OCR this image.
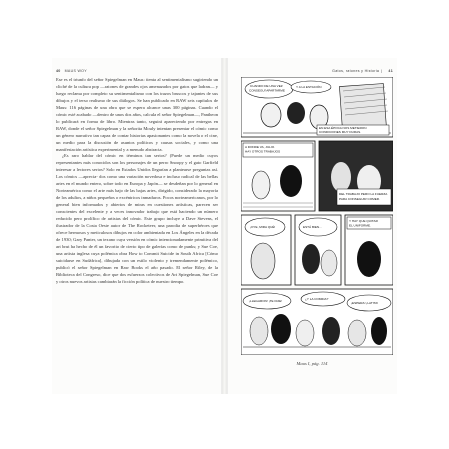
40 MAUS WOY

Ese es el triunfo del señor Spiegelman en Maus: tienta al sentimentalismo sugiriendo un cliché de la cultura pop —ratones de grandes ojos amenazados por gatos que ladran— y luego reclama por completo su sentimentalismo con los trazos bruscos y tajantes de sus dibujos y el terso realismo de sus diálogos. Se han publicado en RAW seis capítulos de Maus: 116 páginas de una obra que se espera alcance unas 300 páginas. Cuando el cómic esté acabado —dentro de unos dos años, calcula el señor Spiegelman—, Pantheon lo publicará en forma de libro. Mientras tanto, seguirá apareciendo por entregas en RAW, donde el señor Spiegelman y la señorita Mouly intentan presentar el cómic como un género narrativo tan capaz de contar historias apasionantes como la novela o el cine, un medio para la discusión de asuntos políticos y causas sociales, y como una manifestación artística experimental y a menudo abstracta.

¿Es raro hablar del cómic en términos tan serios? (Puede un medio cuyos representantes más conocidos son los personajes de un perro Snoopy y el gato Garfield interesar a lectores serios? Solo en Estados Unidos llegarían a plantearse preguntas así. Los cómics —aprecia- dos como una variación novedosa e incluso radical de las bellas artes en el mundo entero, sobre todo en Europa y Japón— se desdeñan por lo general en Norteamérica como el arte más bajo de las bajas artes, dirigido, considerado la mayoría de los adultos, a niños pequeños o excéntricos inmaduros. Pocos norteamericanos, por lo general bien informados y abiertos de miras en cuestiones artísticas, parecen ser conscientes del excelente y a veces innovador trabajo que está haciendo un número reducido pero prolífico de artistas del cómic. Este grupo incluye a Dave Stevens, el ilustrador de la Costa Oeste autor de The Rocketeer, una parodia de superhéroes que ofrece hermosos y meticulosos dibujos en color ambientada en Los Ángeles en la década de 1930; Gary Panter, un texano cuya versión en cómic intencionadamente primitiva del art brut ha hecho de él un favorito de cierto tipo de galerías como de punks; y Sue Coe, una artista inglesa cuya polémica obra How to Commit Suicide in South Africa [Cómo suicidarse en Sudáfrica], dibujada con un estilo violento y tremendamente polémico, publicó el señor Spiegelman en Raw Books el año pasado. El señor Riley, de la Biblioteca del Congreso, dice que dos esfuerzos colectivos de Art Spiegelman, Sue Coe y otros nuevos artistas cambiarán la ficción política de nuestro tiempo.

Gatos, ratones y Historia | 41
CUANDO DE UNA VEZ
CONSEGUÍ APARTARME
Y A LA ESTACIÓN
EN ESA ÉPOCA NOS METIERON
CONDICIONES MUY DURAS.
A DONDE VA, JULIO.
HAY OTROS TRABAJOS
DEL TRABAJO PERO LA FUERZA
PARA CONSEGUIR COMER.
¡OYE, MIRA QUÉ!	ESTÁ BIEN...
Y HAY QUE QUITAR
EL UNIFORME.
¡LLEGARON! ¡TE DIJE!	¿Y LA COMIDA?
¡ESPERA! ¡LATITA!
Maus I, pág. 114
